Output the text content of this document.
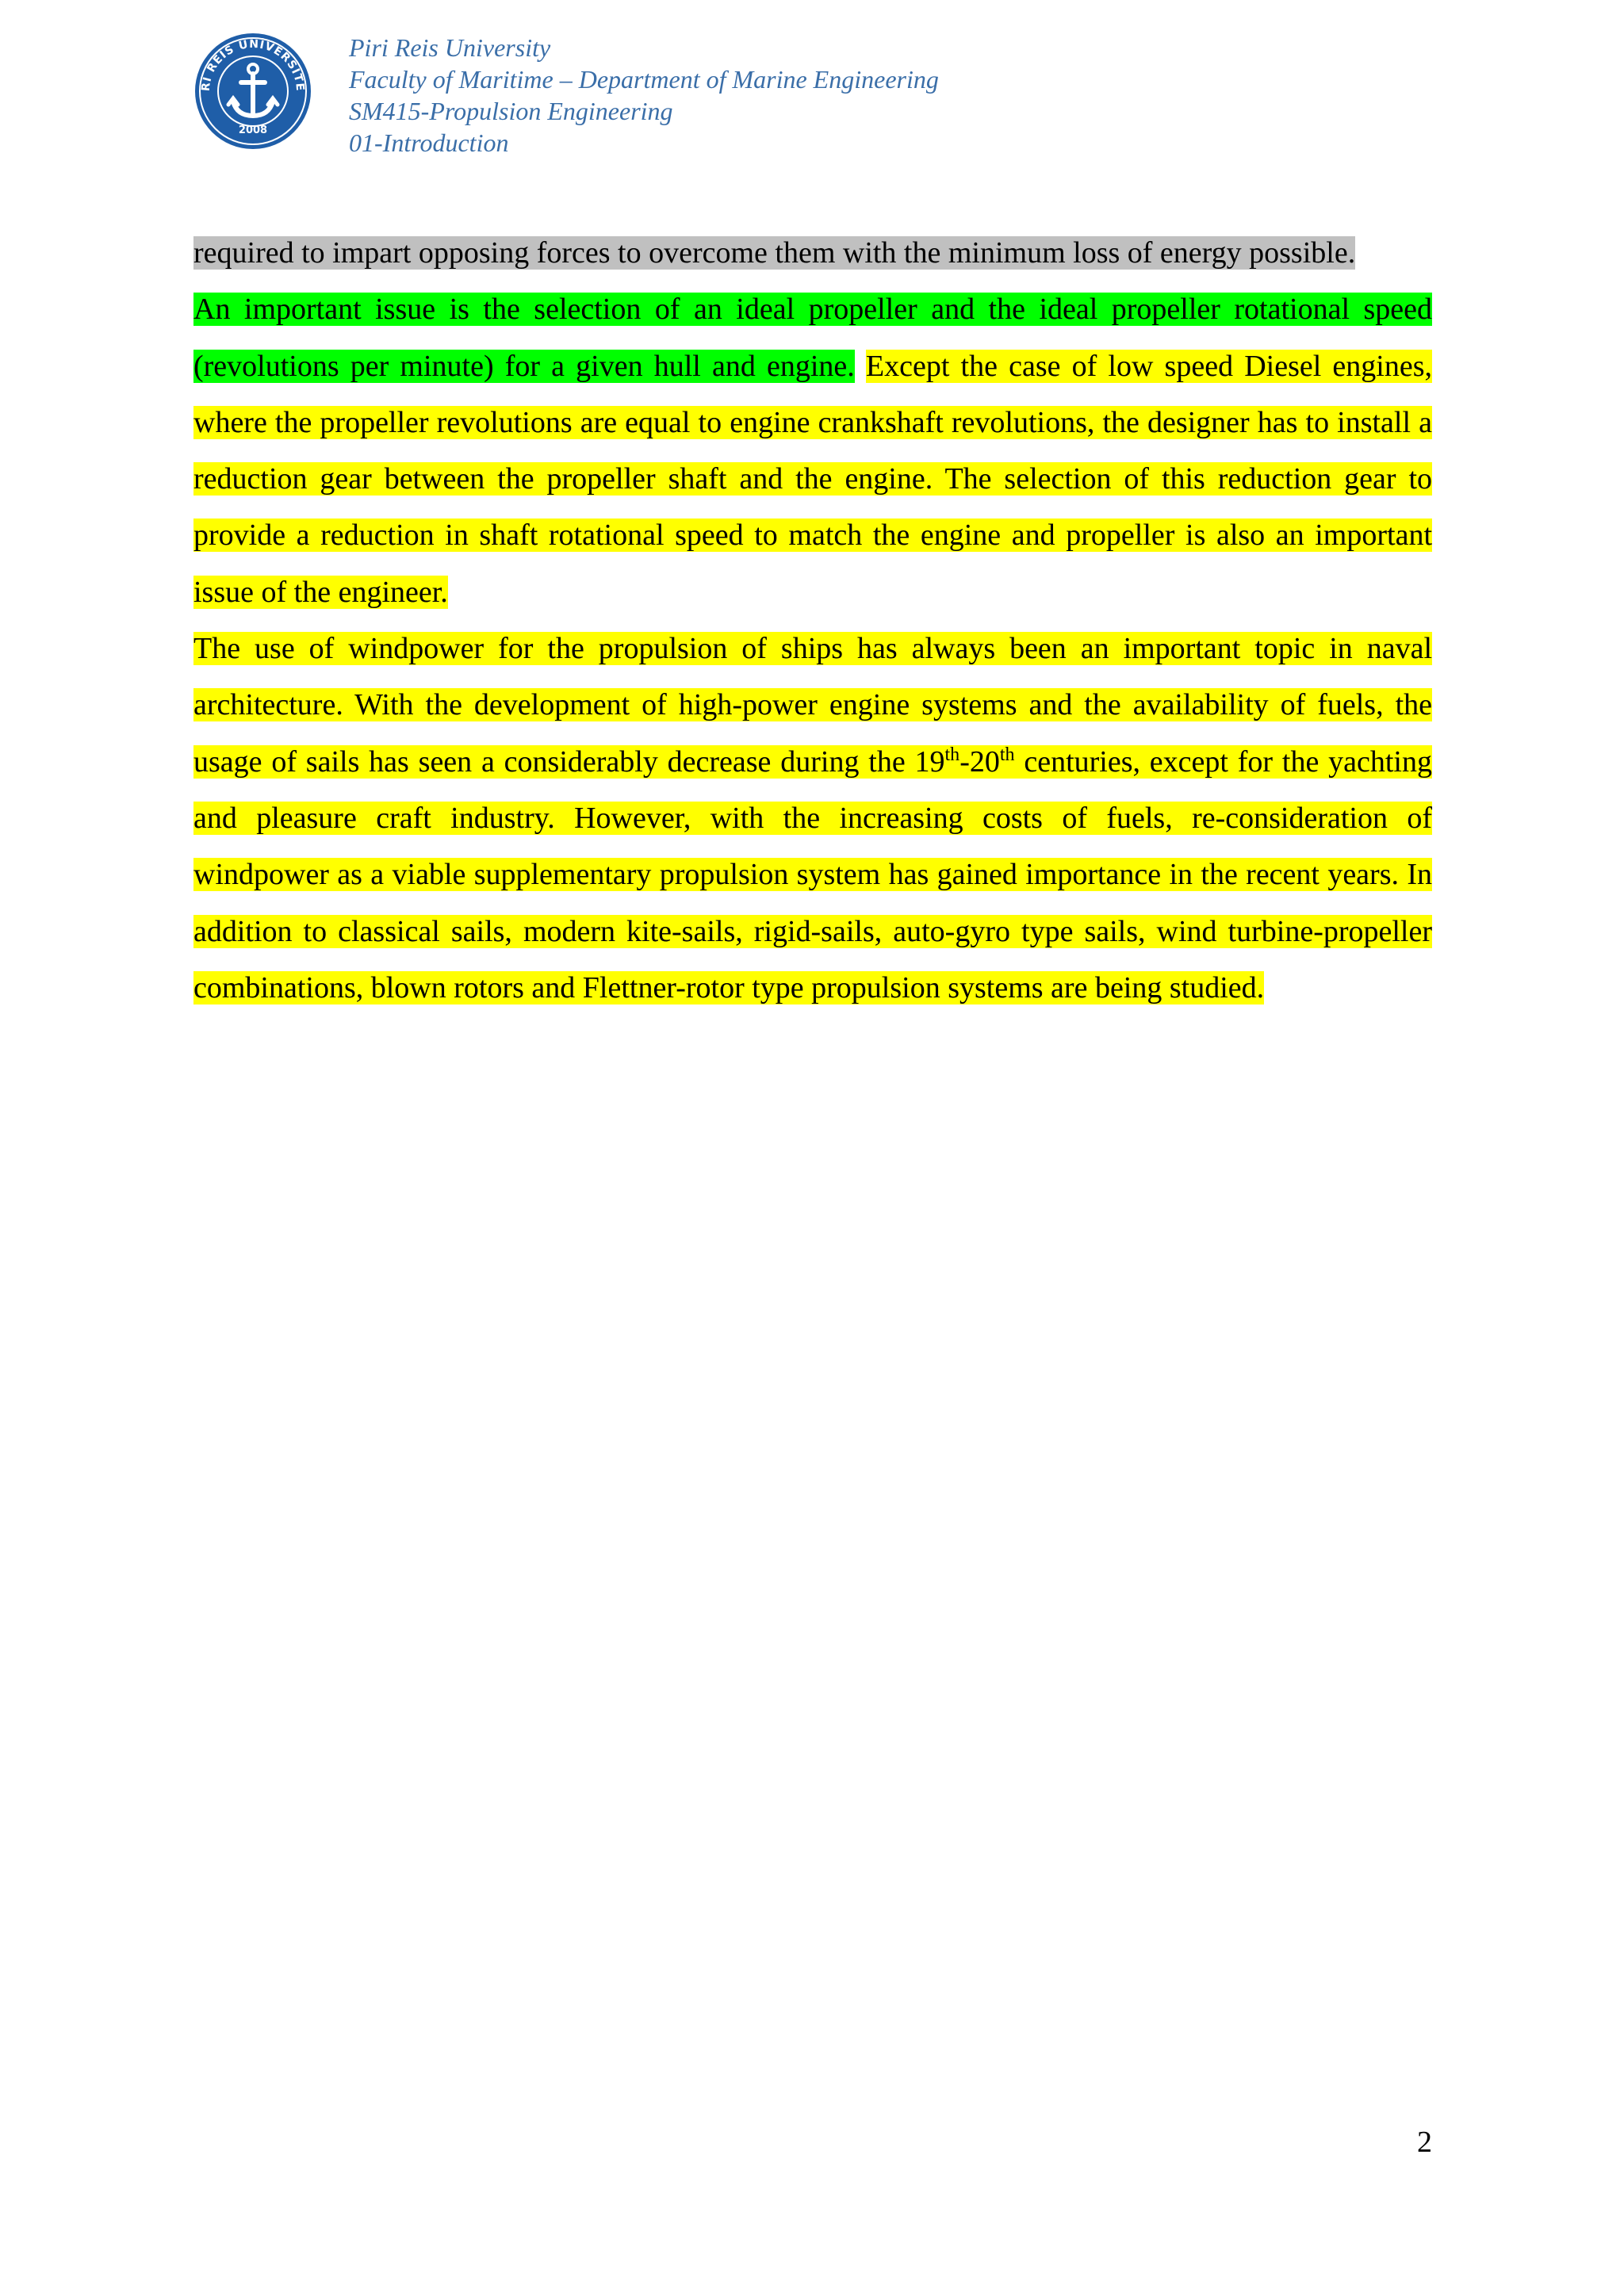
Rİ REİS ÜNİVERSİTE
2008
Piri Reis University
Faculty of Maritime – Department of Marine Engineering
SM415-Propulsion Engineering
01-Introduction

required to impart opposing forces to overcome them with the minimum loss of energy possible.

An important issue is the selection of an ideal propeller and the ideal propeller rotational speed (revolutions per minute) for a given hull and engine. Except the case of low speed Diesel engines, where the propeller revolutions are equal to engine crankshaft revolutions, the designer has to install a reduction gear between the propeller shaft and the engine. The selection of this reduction gear to provide a reduction in shaft rotational speed to match the engine and propeller is also an important issue of the engineer.

The use of windpower for the propulsion of ships has always been an important topic in naval architecture. With the development of high-power engine systems and the availability of fuels, the usage of sails has seen a considerably decrease during the 19th-20th centuries, except for the yachting and pleasure craft industry. However, with the increasing costs of fuels, re-consideration of windpower as a viable supplementary propulsion system has gained importance in the recent years. In addition to classical sails, modern kite-sails, rigid-sails, auto-gyro type sails, wind turbine-propeller combinations, blown rotors and Flettner-rotor type propulsion systems are being studied.

2
